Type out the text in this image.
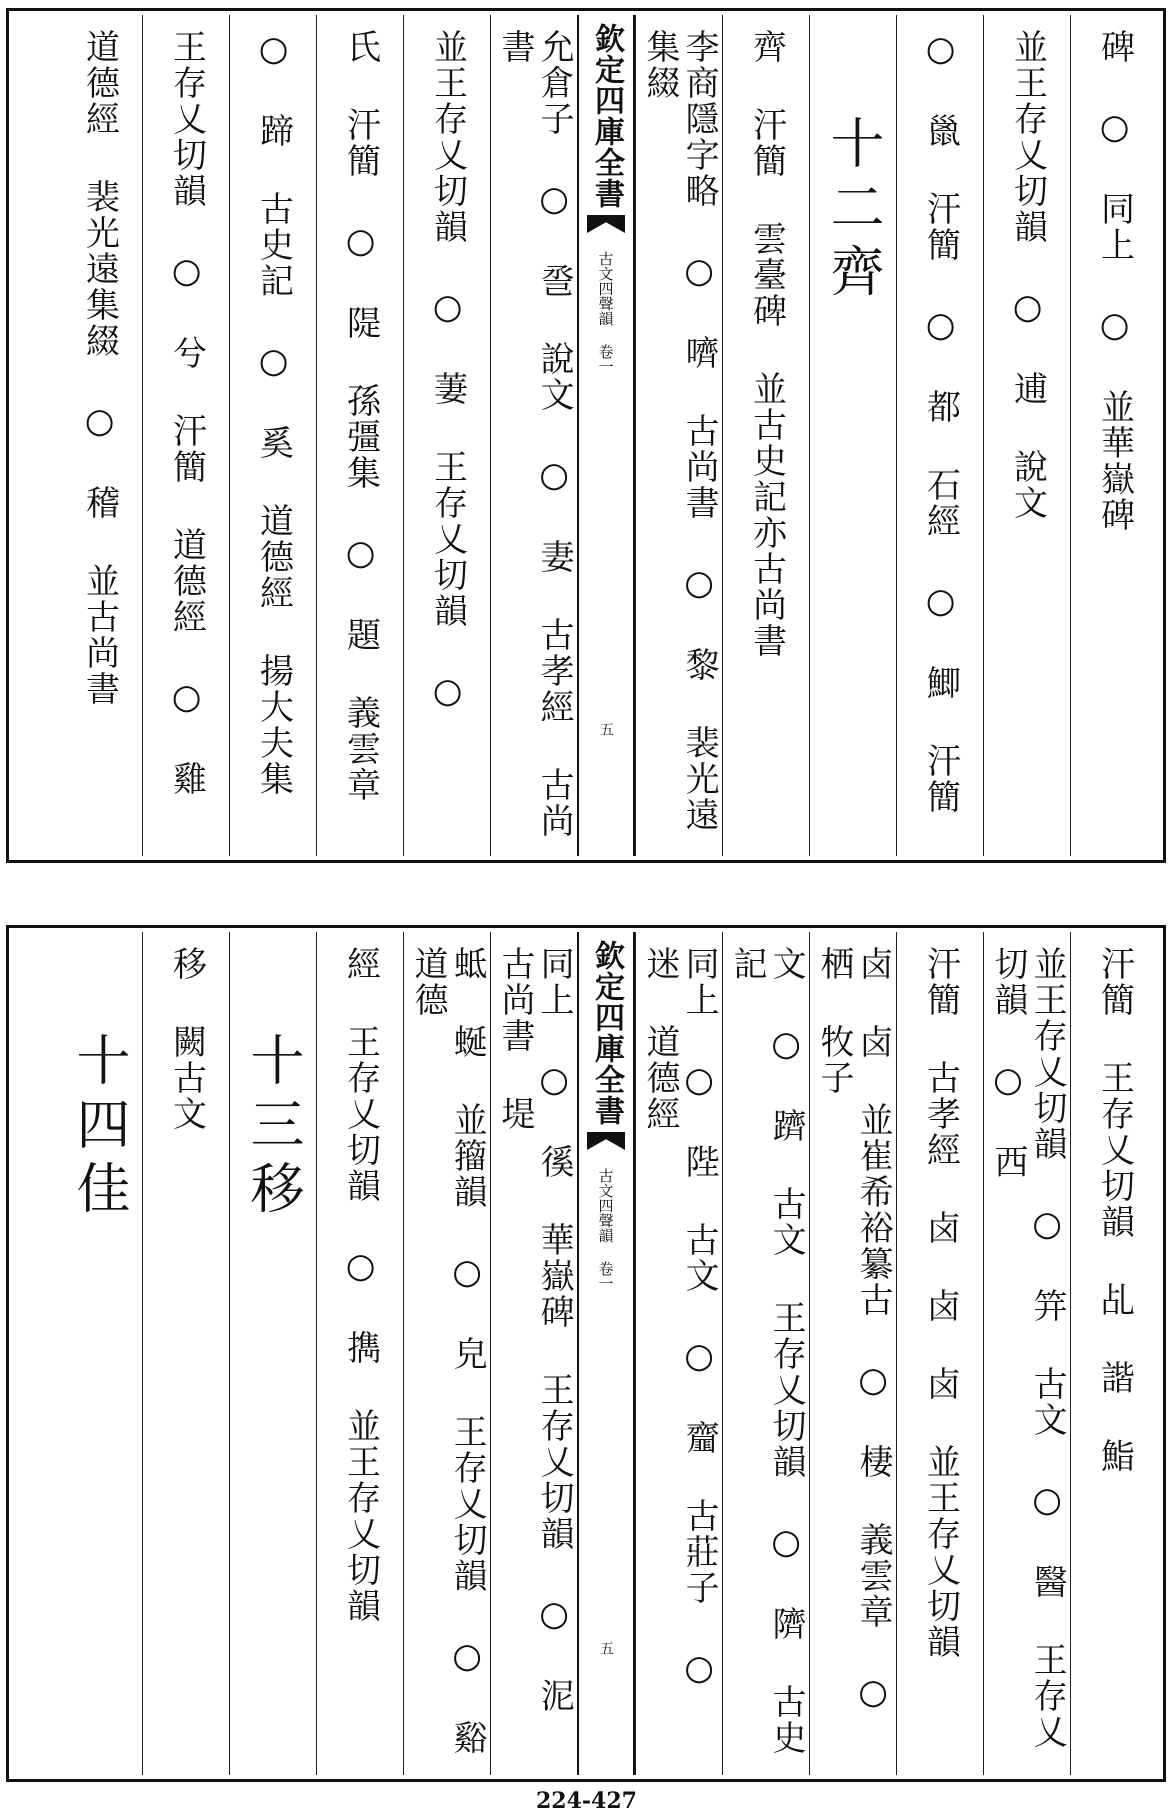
碑 ○ 同上 ○ 並華嶽碑
並王存乂切韻 ○ 逋 說文
○ 巤 汗簡 ○ 都 石經 ○ 鯽 汗簡
十二齊
齊 汗簡 雲臺碑 並古史記亦古尚書
李商隱字略 ○ 嚌 古尚書 ○ 黎 裴光遠集綴
欽定四庫全書
古文四聲韻 卷一
五
允倉子 ○ 巹 說文 ○ 妻 古孝經 古尚書
並王存乂切韻 ○ 萋 王存乂切韻 ○
氏 汗簡 ○ 隄 孫彊集 ○ 題 義雲章
○ 蹄 古史記 ○ 奚 道德經 揚大夫集
王存乂切韻 ○ 兮 汗簡 道德經 ○ 雞
道德經 裴光遠集綴 ○ 稽 並古尚書
汗簡 王存乂切韻 乩 諧 鮨
並王存乂切韻 ○ 笄 古文 ○ 醫 王存乂切韻 ○ 西
汗簡 古孝經 卤 卤 卤 並王存乂切韻
卤 卤 並崔希裕纂古 ○ 棲 義雲章 ○ 栖 牧子
文 ○ 躋 古文 王存乂切韻 ○ 隮 古史記
同上 ○ 陛 古文 ○ 齏 古莊子 ○ 迷 道德經
欽定四庫全書
古文四聲韻 卷一
五
同上 ○ 徯 華嶽碑 王存乂切韻 ○ 泥 古尚書 堤
蚳 蜒 並籀韻 ○ 皃 王存乂切韻 ○ 谿 道德
經 王存乂切韻 ○ 擕 並王存乂切韻
十三移
移 闕古文
十四佳
224-427
